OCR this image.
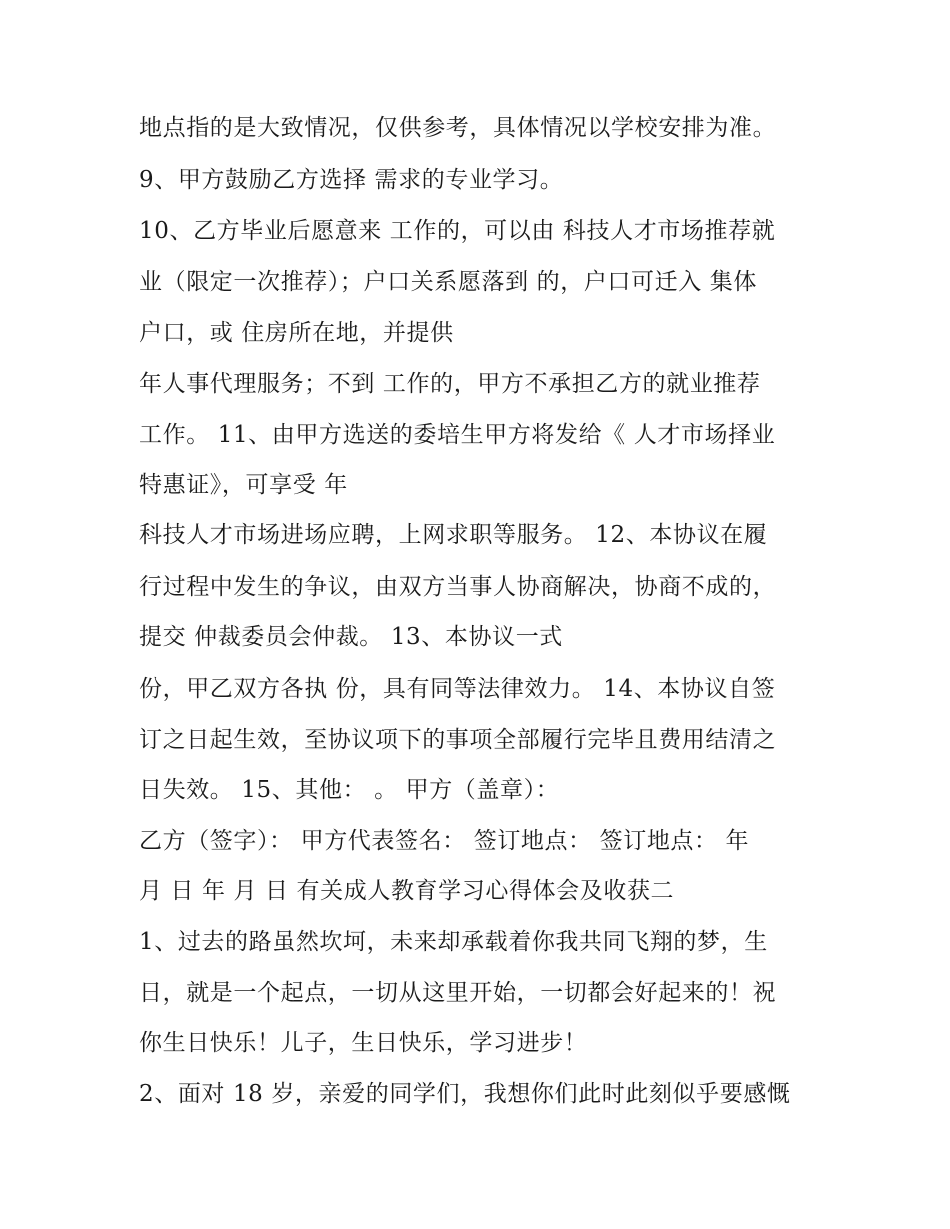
地点指的是大致情况，仅供参考，具体情况以学校安排为准。
9、甲方鼓励乙方选择 需求的专业学习。
10、乙方毕业后愿意来 工作的，可以由 科技人才市场推荐就
业（限定一次推荐）；户口关系愿落到 的，户口可迁入 集体
户口，或 住房所在地，并提供
年人事代理服务；不到 工作的，甲方不承担乙方的就业推荐
工作。 11、由甲方选送的委培生甲方将发给《 人才市场择业
特惠证》，可享受 年
科技人才市场进场应聘，上网求职等服务。 12、本协议在履
行过程中发生的争议，由双方当事人协商解决，协商不成的，
提交 仲裁委员会仲裁。 13、本协议一式
份，甲乙双方各执 份，具有同等法律效力。 14、本协议自签
订之日起生效，至协议项下的事项全部履行完毕且费用结清之
日失效。 15、其他： 。 甲方（盖章）：
乙方（签字）： 甲方代表签名： 签订地点： 签订地点： 年
月 日 年 月 日 有关成人教育学习心得体会及收获二
1、过去的路虽然坎坷，未来却承载着你我共同飞翔的梦，生
日，就是一个起点，一切从这里开始，一切都会好起来的！祝
你生日快乐！儿子，生日快乐，学习进步！
2、面对 18 岁，亲爱的同学们，我想你们此时此刻似乎要感慨
